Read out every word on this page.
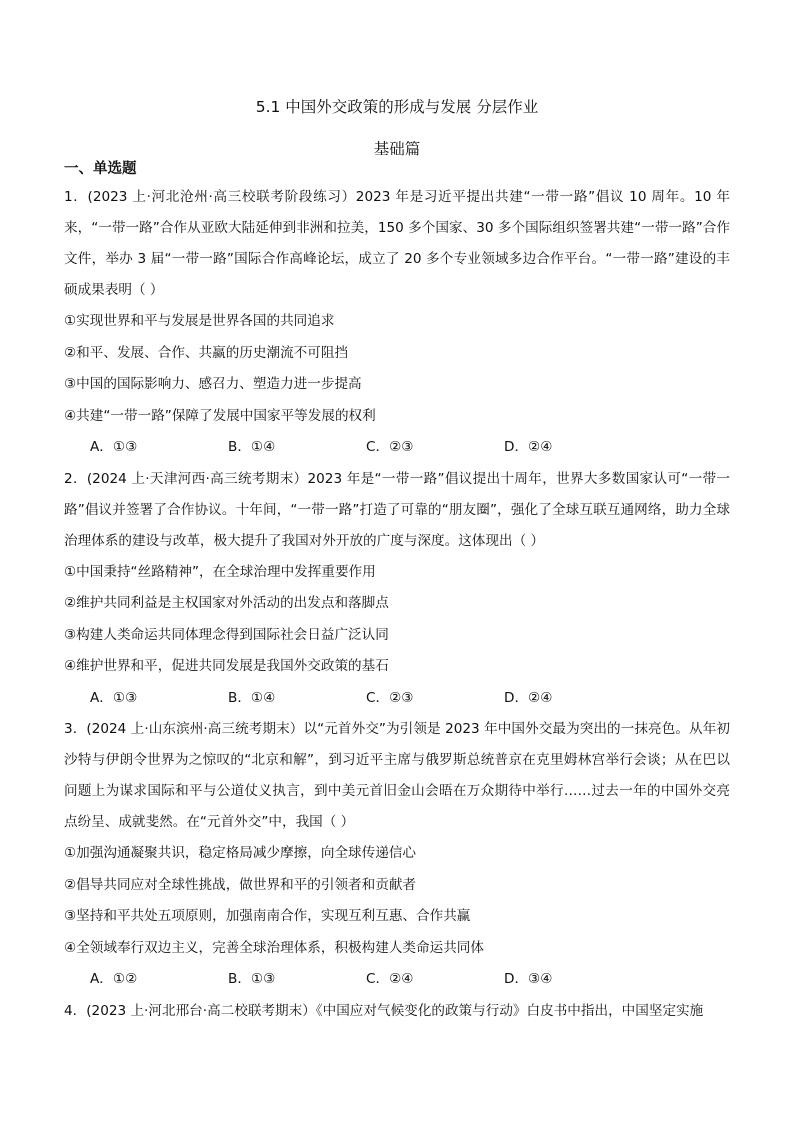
5.1 中国外交政策的形成与发展 分层作业
基础篇
一、单选题

1．(2023 上·河北沧州·高三校联考阶段练习）2023 年是习近平提出共建“一带一路”倡议 10 周年。10 年来，“一带一路”合作从亚欧大陆延伸到非洲和拉美，150 多个国家、30 多个国际组织签署共建“一带一路”合作文件，举办 3 届“一带一路”国际合作高峰论坛，成立了 20 多个专业领域多边合作平台。“一带一路”建设的丰硕成果表明（ ）

①实现世界和平与发展是世界各国的共同追求

②和平、发展、合作、共赢的历史潮流不可阻挡

③中国的国际影响力、感召力、塑造力进一步提高

④共建“一带一路”保障了发展中国家平等发展的权利

A．①③	B．①④	C．②③	D．②④

2．(2024 上·天津河西·高三统考期末）2023 年是“一带一路”倡议提出十周年，世界大多数国家认可“一带一路”倡议并签署了合作协议。十年间，“一带一路”打造了可靠的“朋友圈”，强化了全球互联互通网络，助力全球治理体系的建设与改革，极大提升了我国对外开放的广度与深度。这体现出（ ）

①中国秉持“丝路精神”，在全球治理中发挥重要作用

②维护共同利益是主权国家对外活动的出发点和落脚点

③构建人类命运共同体理念得到国际社会日益广泛认同

④维护世界和平，促进共同发展是我国外交政策的基石

A．①③	B．①④	C．②③	D．②④

3．(2024 上·山东滨州·高三统考期末）以“元首外交”为引领是 2023 年中国外交最为突出的一抹亮色。从年初沙特与伊朗令世界为之惊叹的“北京和解”，到习近平主席与俄罗斯总统普京在克里姆林宫举行会谈；从在巴以问题上为谋求国际和平与公道仗义执言，到中美元首旧金山会晤在万众期待中举行……过去一年的中国外交亮点纷呈、成就斐然。在“元首外交”中，我国（ ）

①加强沟通凝聚共识，稳定格局减少摩擦，向全球传递信心

②倡导共同应对全球性挑战，做世界和平的引领者和贡献者

③坚持和平共处五项原则，加强南南合作，实现互利互惠、合作共赢

④全领域奉行双边主义，完善全球治理体系，积极构建人类命运共同体

A．①②	B．①③	C．②④	D．③④

4．(2023 上·河北邢台·高二校联考期末）《中国应对气候变化的政策与行动》白皮书中指出，中国坚定实施
